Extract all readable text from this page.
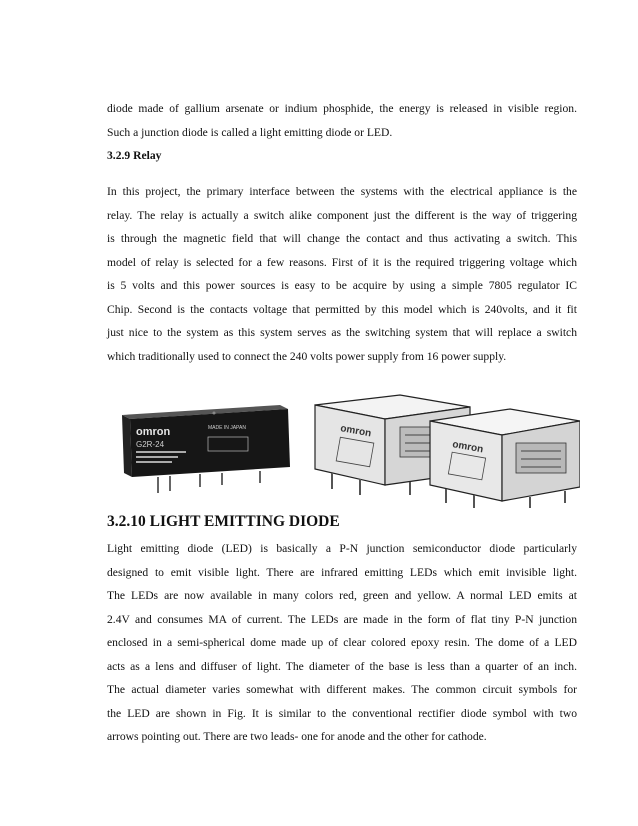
diode made of gallium arsenate or indium phosphide, the energy is released in visible region.
Such a junction diode is called a light emitting diode or LED.
3.2.9 Relay
In this project, the primary interface between the systems with the electrical appliance is the
relay. The relay is actually a switch alike component just the different is the way of triggering
is through the magnetic field that will change the contact and thus activating a switch. This
model of relay is selected for a few reasons. First of it is the required triggering voltage which
is 5 volts and this power sources is easy to be acquire by using a simple 7805 regulator IC
Chip. Second is the contacts voltage that permitted by this model which is 240volts, and it fit
just nice to the system as this system serves as the switching system that will replace a switch
which traditionally used to connect the 240 volts power supply from 16 power supply.
omron
G2R-24
MADE IN JAPAN	omron
omron
3.2.10 LIGHT EMITTING DIODE
Light emitting diode (LED) is basically a P-N junction semiconductor diode particularly
designed to emit visible light. There are infrared emitting LEDs which emit invisible light.
The LEDs are now available in many colors red, green and yellow. A normal LED emits at
2.4V and consumes MA of current. The LEDs are made in the form of flat tiny P-N junction
enclosed in a semi-spherical dome made up of clear colored epoxy resin. The dome of a LED
acts as a lens and diffuser of light. The diameter of the base is less than a quarter of an inch.
The actual diameter varies somewhat with different makes. The common circuit symbols for
the LED are shown in Fig. It is similar to the conventional rectifier diode symbol with two
arrows pointing out. There are two leads- one for anode and the other for cathode.
